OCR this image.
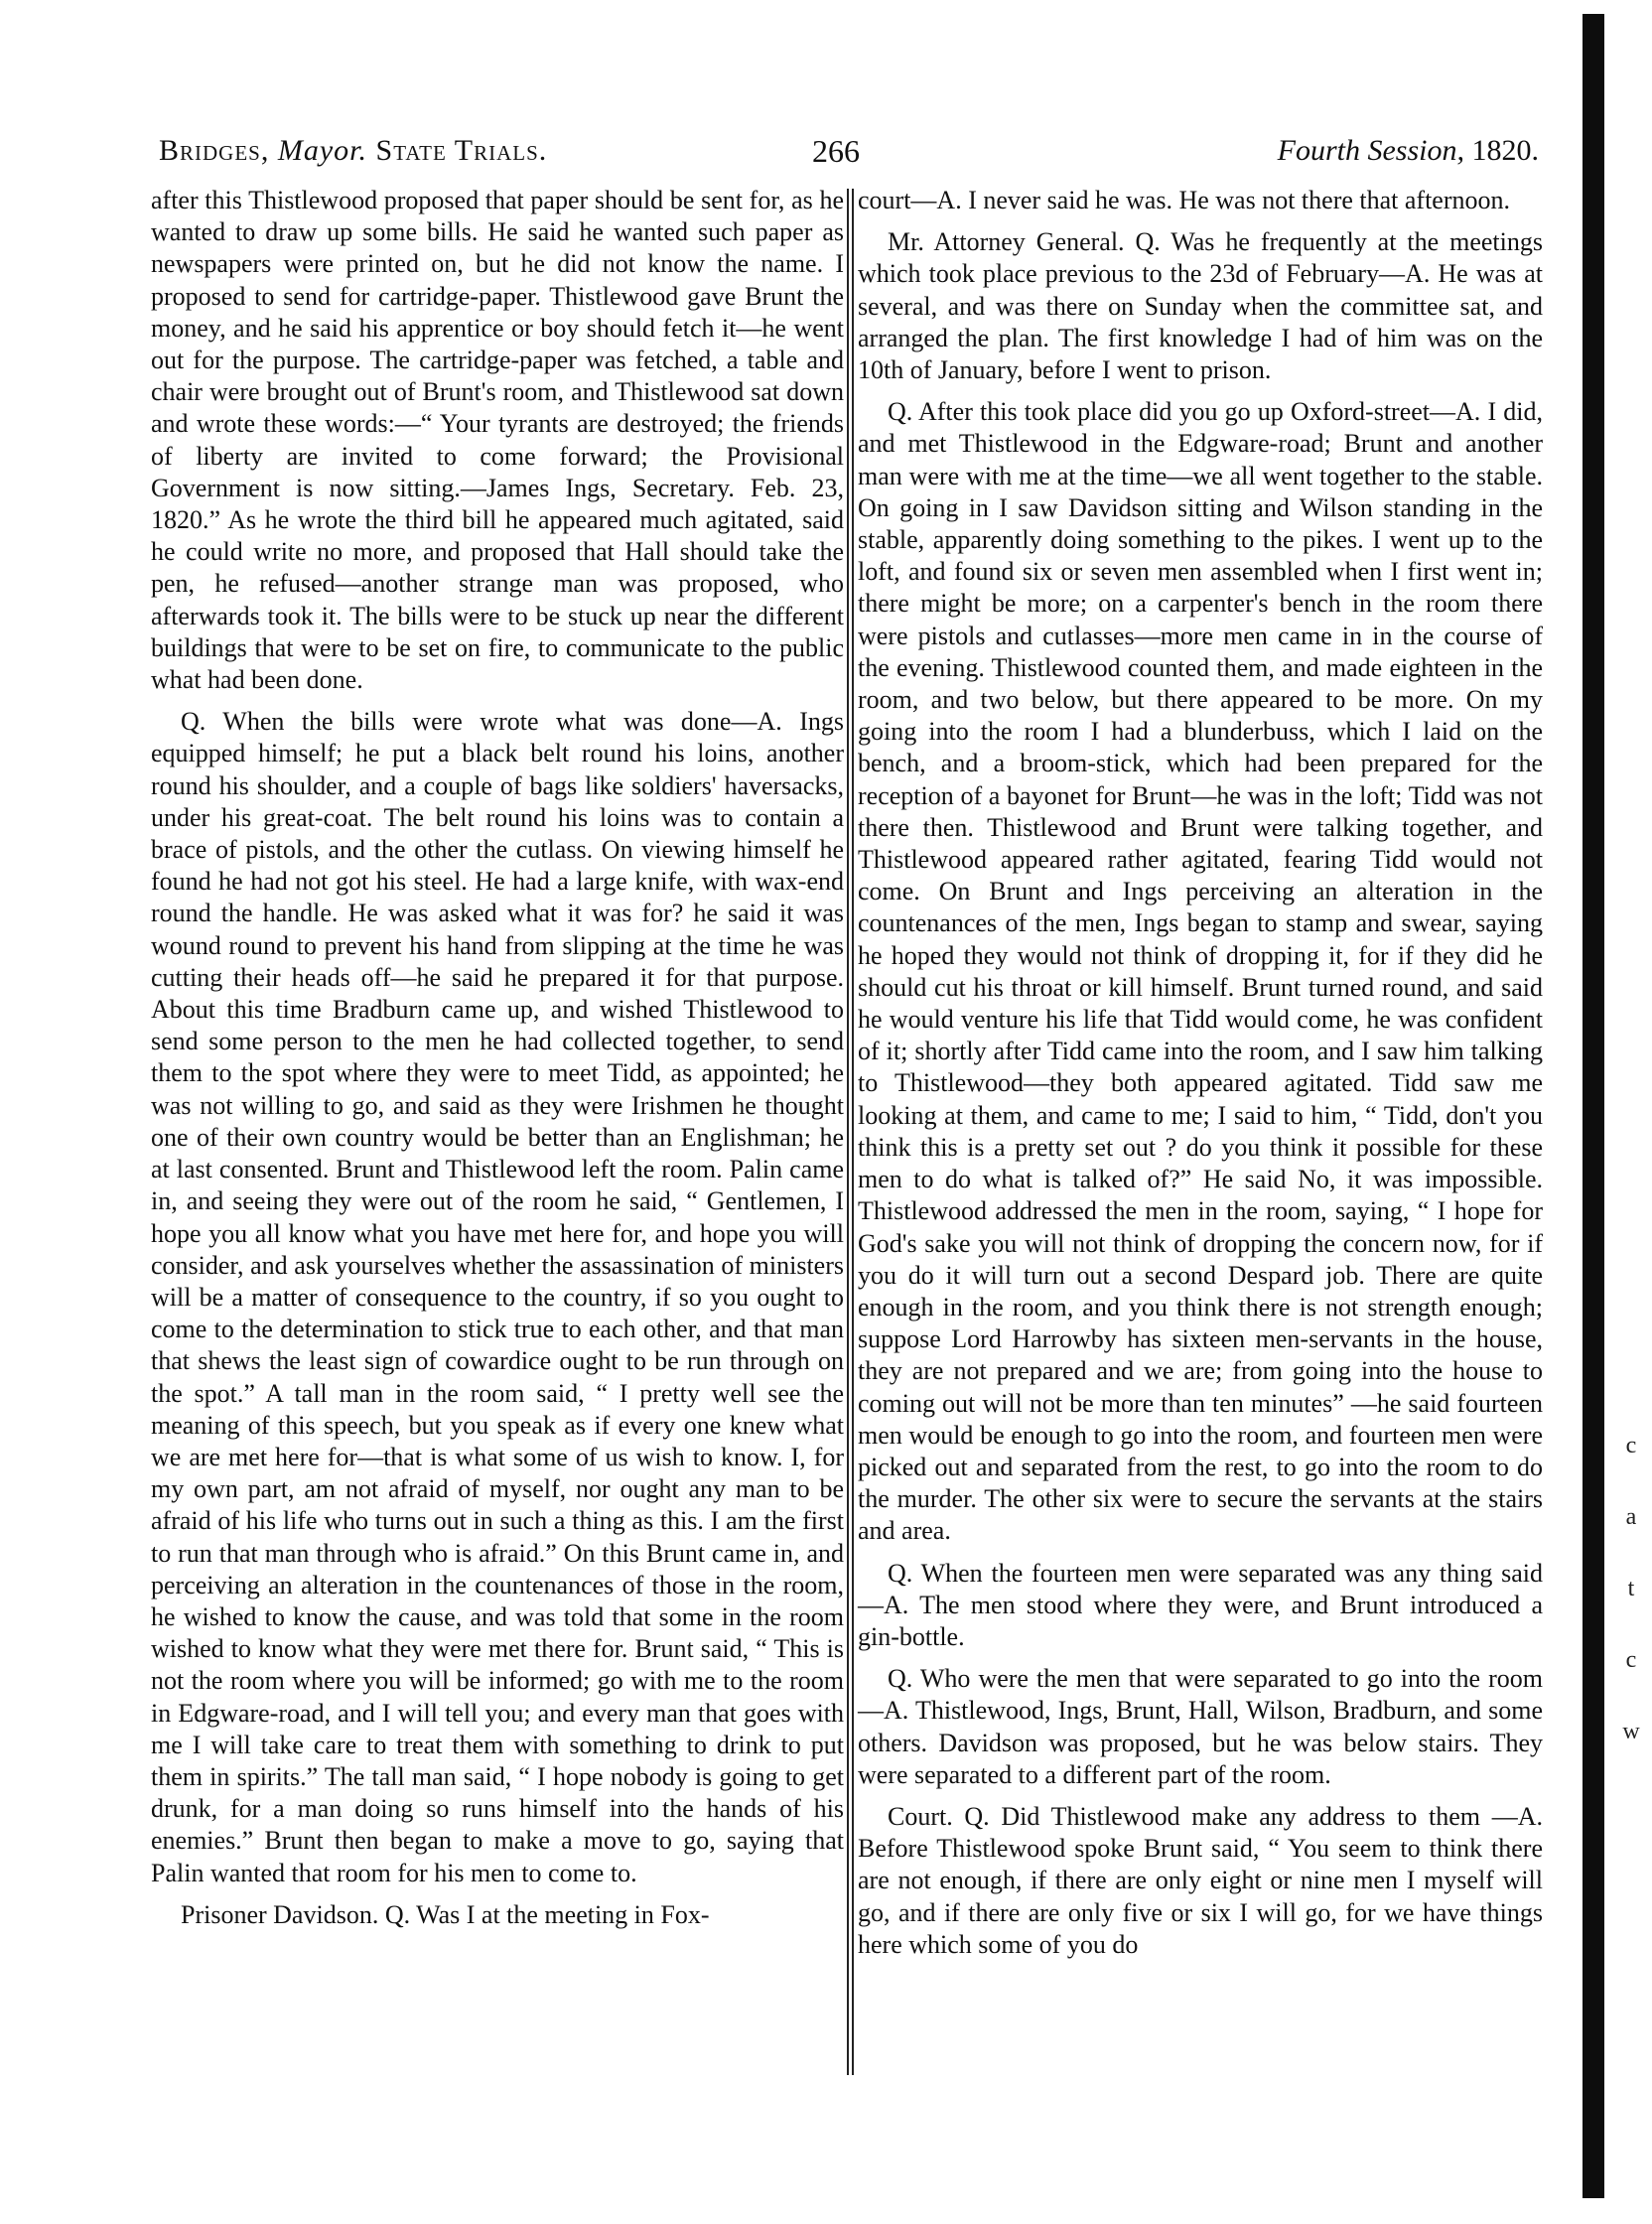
Bridges, Mayor. State Trials.	266	Fourth Session, 1820.

after this Thistlewood proposed that paper should be sent for, as he wanted to draw up some bills. He said he wanted such paper as newspapers were printed on, but he did not know the name. I proposed to send for cartridge-paper. Thistlewood gave Brunt the money, and he said his apprentice or boy should fetch it—he went out for the purpose. The cartridge-paper was fetched, a table and chair were brought out of Brunt's room, and Thistlewood sat down and wrote these words:—“ Your tyrants are destroyed; the friends of liberty are invited to come forward; the Provisional Government is now sitting.—James Ings, Secretary. Feb. 23, 1820.” As he wrote the third bill he appeared much agitated, said he could write no more, and proposed that Hall should take the pen, he refused—another strange man was proposed, who afterwards took it. The bills were to be stuck up near the different buildings that were to be set on fire, to communicate to the public what had been done.

Q. When the bills were wrote what was done—A. Ings equipped himself; he put a black belt round his loins, another round his shoulder, and a couple of bags like soldiers' haversacks, under his great-coat. The belt round his loins was to contain a brace of pistols, and the other the cutlass. On viewing himself he found he had not got his steel. He had a large knife, with wax-end round the handle. He was asked what it was for? he said it was wound round to prevent his hand from slipping at the time he was cutting their heads off—he said he prepared it for that purpose. About this time Bradburn came up, and wished Thistlewood to send some person to the men he had collected together, to send them to the spot where they were to meet Tidd, as appointed; he was not willing to go, and said as they were Irishmen he thought one of their own country would be better than an Englishman; he at last consented. Brunt and Thistlewood left the room. Palin came in, and seeing they were out of the room he said, “ Gentlemen, I hope you all know what you have met here for, and hope you will consider, and ask yourselves whether the assassination of ministers will be a matter of consequence to the country, if so you ought to come to the determination to stick true to each other, and that man that shews the least sign of cowardice ought to be run through on the spot.” A tall man in the room said, “ I pretty well see the meaning of this speech, but you speak as if every one knew what we are met here for—that is what some of us wish to know. I, for my own part, am not afraid of myself, nor ought any man to be afraid of his life who turns out in such a thing as this. I am the first to run that man through who is afraid.” On this Brunt came in, and perceiving an alteration in the countenances of those in the room, he wished to know the cause, and was told that some in the room wished to know what they were met there for. Brunt said, “ This is not the room where you will be informed; go with me to the room in Edgware-road, and I will tell you; and every man that goes with me I will take care to treat them with something to drink to put them in spirits.” The tall man said, “ I hope nobody is going to get drunk, for a man doing so runs himself into the hands of his enemies.” Brunt then began to make a move to go, saying that Palin wanted that room for his men to come to.

Prisoner Davidson. Q. Was I at the meeting in Fox-

court—A. I never said he was. He was not there that afternoon.

Mr. Attorney General. Q. Was he frequently at the meetings which took place previous to the 23d of February—A. He was at several, and was there on Sunday when the committee sat, and arranged the plan. The first knowledge I had of him was on the 10th of January, before I went to prison.

Q. After this took place did you go up Oxford-street—A. I did, and met Thistlewood in the Edgware-road; Brunt and another man were with me at the time—we all went together to the stable. On going in I saw Davidson sitting and Wilson standing in the stable, apparently doing something to the pikes. I went up to the loft, and found six or seven men assembled when I first went in; there might be more; on a carpenter's bench in the room there were pistols and cutlasses—more men came in in the course of the evening. Thistlewood counted them, and made eighteen in the room, and two below, but there appeared to be more. On my going into the room I had a blunderbuss, which I laid on the bench, and a broom-stick, which had been prepared for the reception of a bayonet for Brunt—he was in the loft; Tidd was not there then. Thistlewood and Brunt were talking together, and Thistlewood appeared rather agitated, fearing Tidd would not come. On Brunt and Ings perceiving an alteration in the countenances of the men, Ings began to stamp and swear, saying he hoped they would not think of dropping it, for if they did he should cut his throat or kill himself. Brunt turned round, and said he would venture his life that Tidd would come, he was confident of it; shortly after Tidd came into the room, and I saw him talking to Thistlewood—they both appeared agitated. Tidd saw me looking at them, and came to me; I said to him, “ Tidd, don't you think this is a pretty set out ? do you think it possible for these men to do what is talked of?” He said No, it was impossible. Thistlewood addressed the men in the room, saying, “ I hope for God's sake you will not think of dropping the concern now, for if you do it will turn out a second Despard job. There are quite enough in the room, and you think there is not strength enough; suppose Lord Harrowby has sixteen men-servants in the house, they are not prepared and we are; from going into the house to coming out will not be more than ten minutes” —he said fourteen men would be enough to go into the room, and fourteen men were picked out and separated from the rest, to go into the room to do the murder. The other six were to secure the servants at the stairs and area.

Q. When the fourteen men were separated was any thing said—A. The men stood where they were, and Brunt introduced a gin-bottle.

Q. Who were the men that were separated to go into the room—A. Thistlewood, Ings, Brunt, Hall, Wilson, Bradburn, and some others. Davidson was proposed, but he was below stairs. They were separated to a different part of the room.

Court. Q. Did Thistlewood make any address to them —A. Before Thistlewood spoke Brunt said, “ You seem to think there are not enough, if there are only eight or nine men I myself will go, and if there are only five or six I will go, for we have things here which some of you do

c
a
t
c
w
